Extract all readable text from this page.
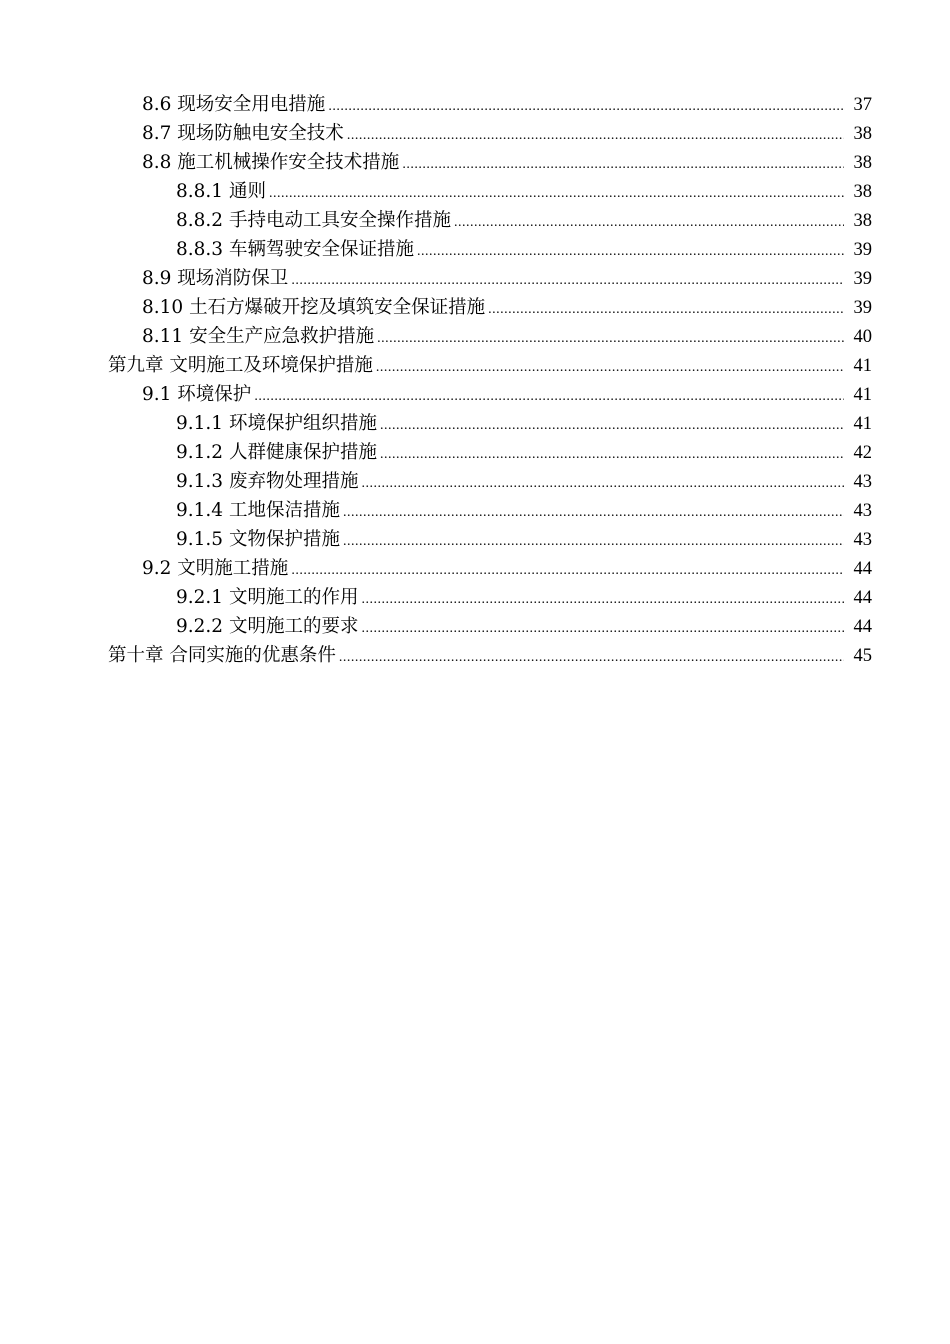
8.6 现场安全用电措施 .....	37
8.7 现场防触电安全技术 .....	38
8.8 施工机械操作安全技术措施 .....	38
8.8.1 通则 .....	38
8.8.2 手持电动工具安全操作措施 .....	38
8.8.3 车辆驾驶安全保证措施 .....	39
8.9 现场消防保卫 .....	39
8.10 土石方爆破开挖及填筑安全保证措施 .....	39
8.11 安全生产应急救护措施 .....	40
第九章 文明施工及环境保护措施 .....	41
9.1 环境保护 .....	41
9.1.1 环境保护组织措施 .....	41
9.1.2 人群健康保护措施 .....	42
9.1.3 废弃物处理措施 .....	43
9.1.4 工地保洁措施 .....	43
9.1.5 文物保护措施 .....	43
9.2 文明施工措施 .....	44
9.2.1 文明施工的作用 .....	44
9.2.2 文明施工的要求 .....	44
第十章 合同实施的优惠条件 .....	45
